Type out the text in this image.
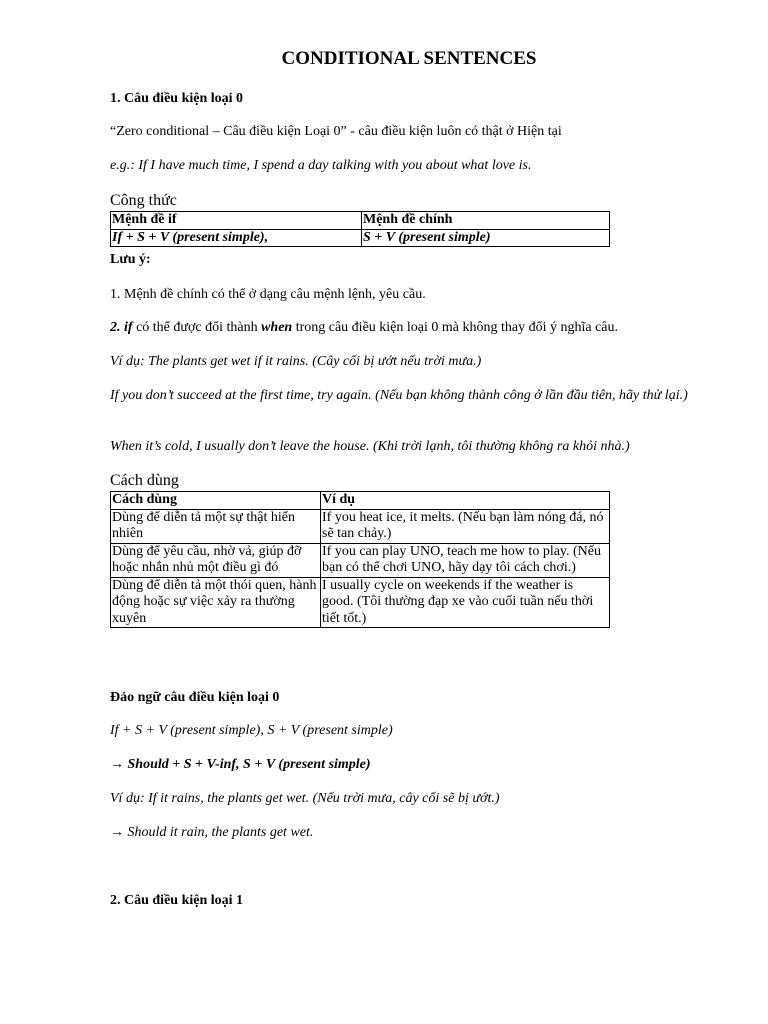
CONDITIONAL SENTENCES
1. Câu điều kiện loại 0
“Zero conditional – Câu điều kiện Loại 0” - câu điều kiện luôn có thật ở Hiện tại
e.g.: If I have much time, I spend a day talking with you about what love is.
Công thức
Mệnh đề if	Mệnh đề chính
If + S + V (present simple),	S + V (present simple)
Lưu ý:
1. Mệnh đề chính có thể ở dạng câu mệnh lệnh, yêu cầu.
2. if có thể được đổi thành when trong câu điều kiện loại 0 mà không thay đổi ý nghĩa câu.
Ví dụ: The plants get wet if it rains. (Cây cối bị ướt nếu trời mưa.)
If you don’t succeed at the first time, try again. (Nếu bạn không thành công ở lần đầu tiên, hãy thử lại.)
When it’s cold, I usually don’t leave the house. (Khi trời lạnh, tôi thường không ra khỏi nhà.)
Cách dùng
Cách dùng	Ví dụ
Dùng để diễn tả một sự thật hiển nhiên	If you heat ice, it melts. (Nếu bạn làm nóng đá, nó sẽ tan chảy.)
Dùng để yêu cầu, nhờ vả, giúp đỡ hoặc nhắn nhủ một điều gì đó	If you can play UNO, teach me how to play. (Nếu bạn có thể chơi UNO, hãy dạy tôi cách chơi.)
Dùng để diễn tả một thói quen, hành động hoặc sự việc xảy ra thường xuyên	I usually cycle on weekends if the weather is good. (Tôi thường đạp xe vào cuối tuần nếu thời tiết tốt.)
Đảo ngữ câu điều kiện loại 0
If + S + V (present simple), S + V (present simple)
→ Should + S + V-inf, S + V (present simple)
Ví dụ: If it rains, the plants get wet. (Nếu trời mưa, cây cối sẽ bị ướt.)
→ Should it rain, the plants get wet.
2. Câu điều kiện loại 1
